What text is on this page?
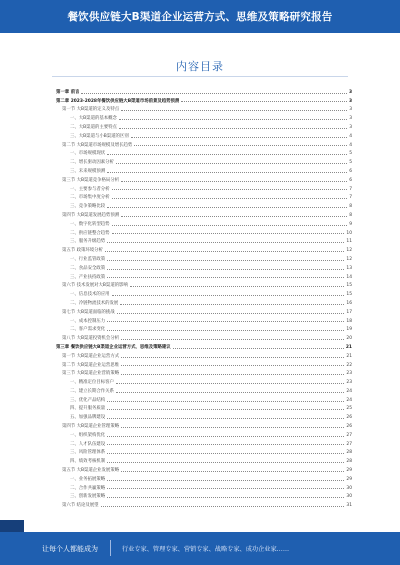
餐饮供应链大B渠道企业运营方式、思维及策略研究报告
内容目录
第一章 前言	3
第二章 2023-2028年餐饮供应链大B渠道市场前景及趋势预测	3
第一节 大B渠道的定义及特点	3
一、大B渠道的基本概念	3
二、大B渠道的主要特点	3
三、大B渠道与小B渠道的区别	4
第二节 大B渠道市场规模及增长趋势	4
一、市场规模现状	5
二、增长驱动因素分析	5
三、未来规模预测	6
第三节 大B渠道竞争格局分析	6
一、主要参与者分析	7
二、市场集中度分析	7
三、竞争策略比较	8
第四节 大B渠道发展趋势预测	8
一、数字化转型趋势	9
二、供应链整合趋势	10
三、服务升级趋势	11
第五节 政策环境分析	12
一、行业监管政策	12
二、食品安全政策	13
三、产业扶持政策	14
第六节 技术发展对大B渠道的影响	15
一、信息技术的应用	15
二、冷链物流技术的发展	16
第七节 大B渠道面临的挑战	17
一、成本控制压力	18
二、客户需求变化	19
第八节 大B渠道投资机会分析	20
第三章 餐饮供应链大B渠道企业运营方式、思维及策略建议	21
第一节 大B渠道企业运营方式	21
第二节 大B渠道企业运营思维	22
第三节 大B渠道企业营销策略	23
一、精准定位目标客户	23
二、建立长期合作关系	24
三、优化产品结构	24
四、提升服务质量	25
五、加强品牌建设	26
第四节 大B渠道企业管理策略	26
一、组织架构优化	27
二、人才队伍建设	27
三、风险管理体系	28
四、绩效考核机制	28
第五节 大B渠道企业发展策略	29
一、业务拓展策略	29
二、合作共赢策略	30
三、创新发展策略	30
第六节 结论及展望	31
让每个人都能成为	行业专家、管理专家、营销专家、战略专家、成功企业家……
